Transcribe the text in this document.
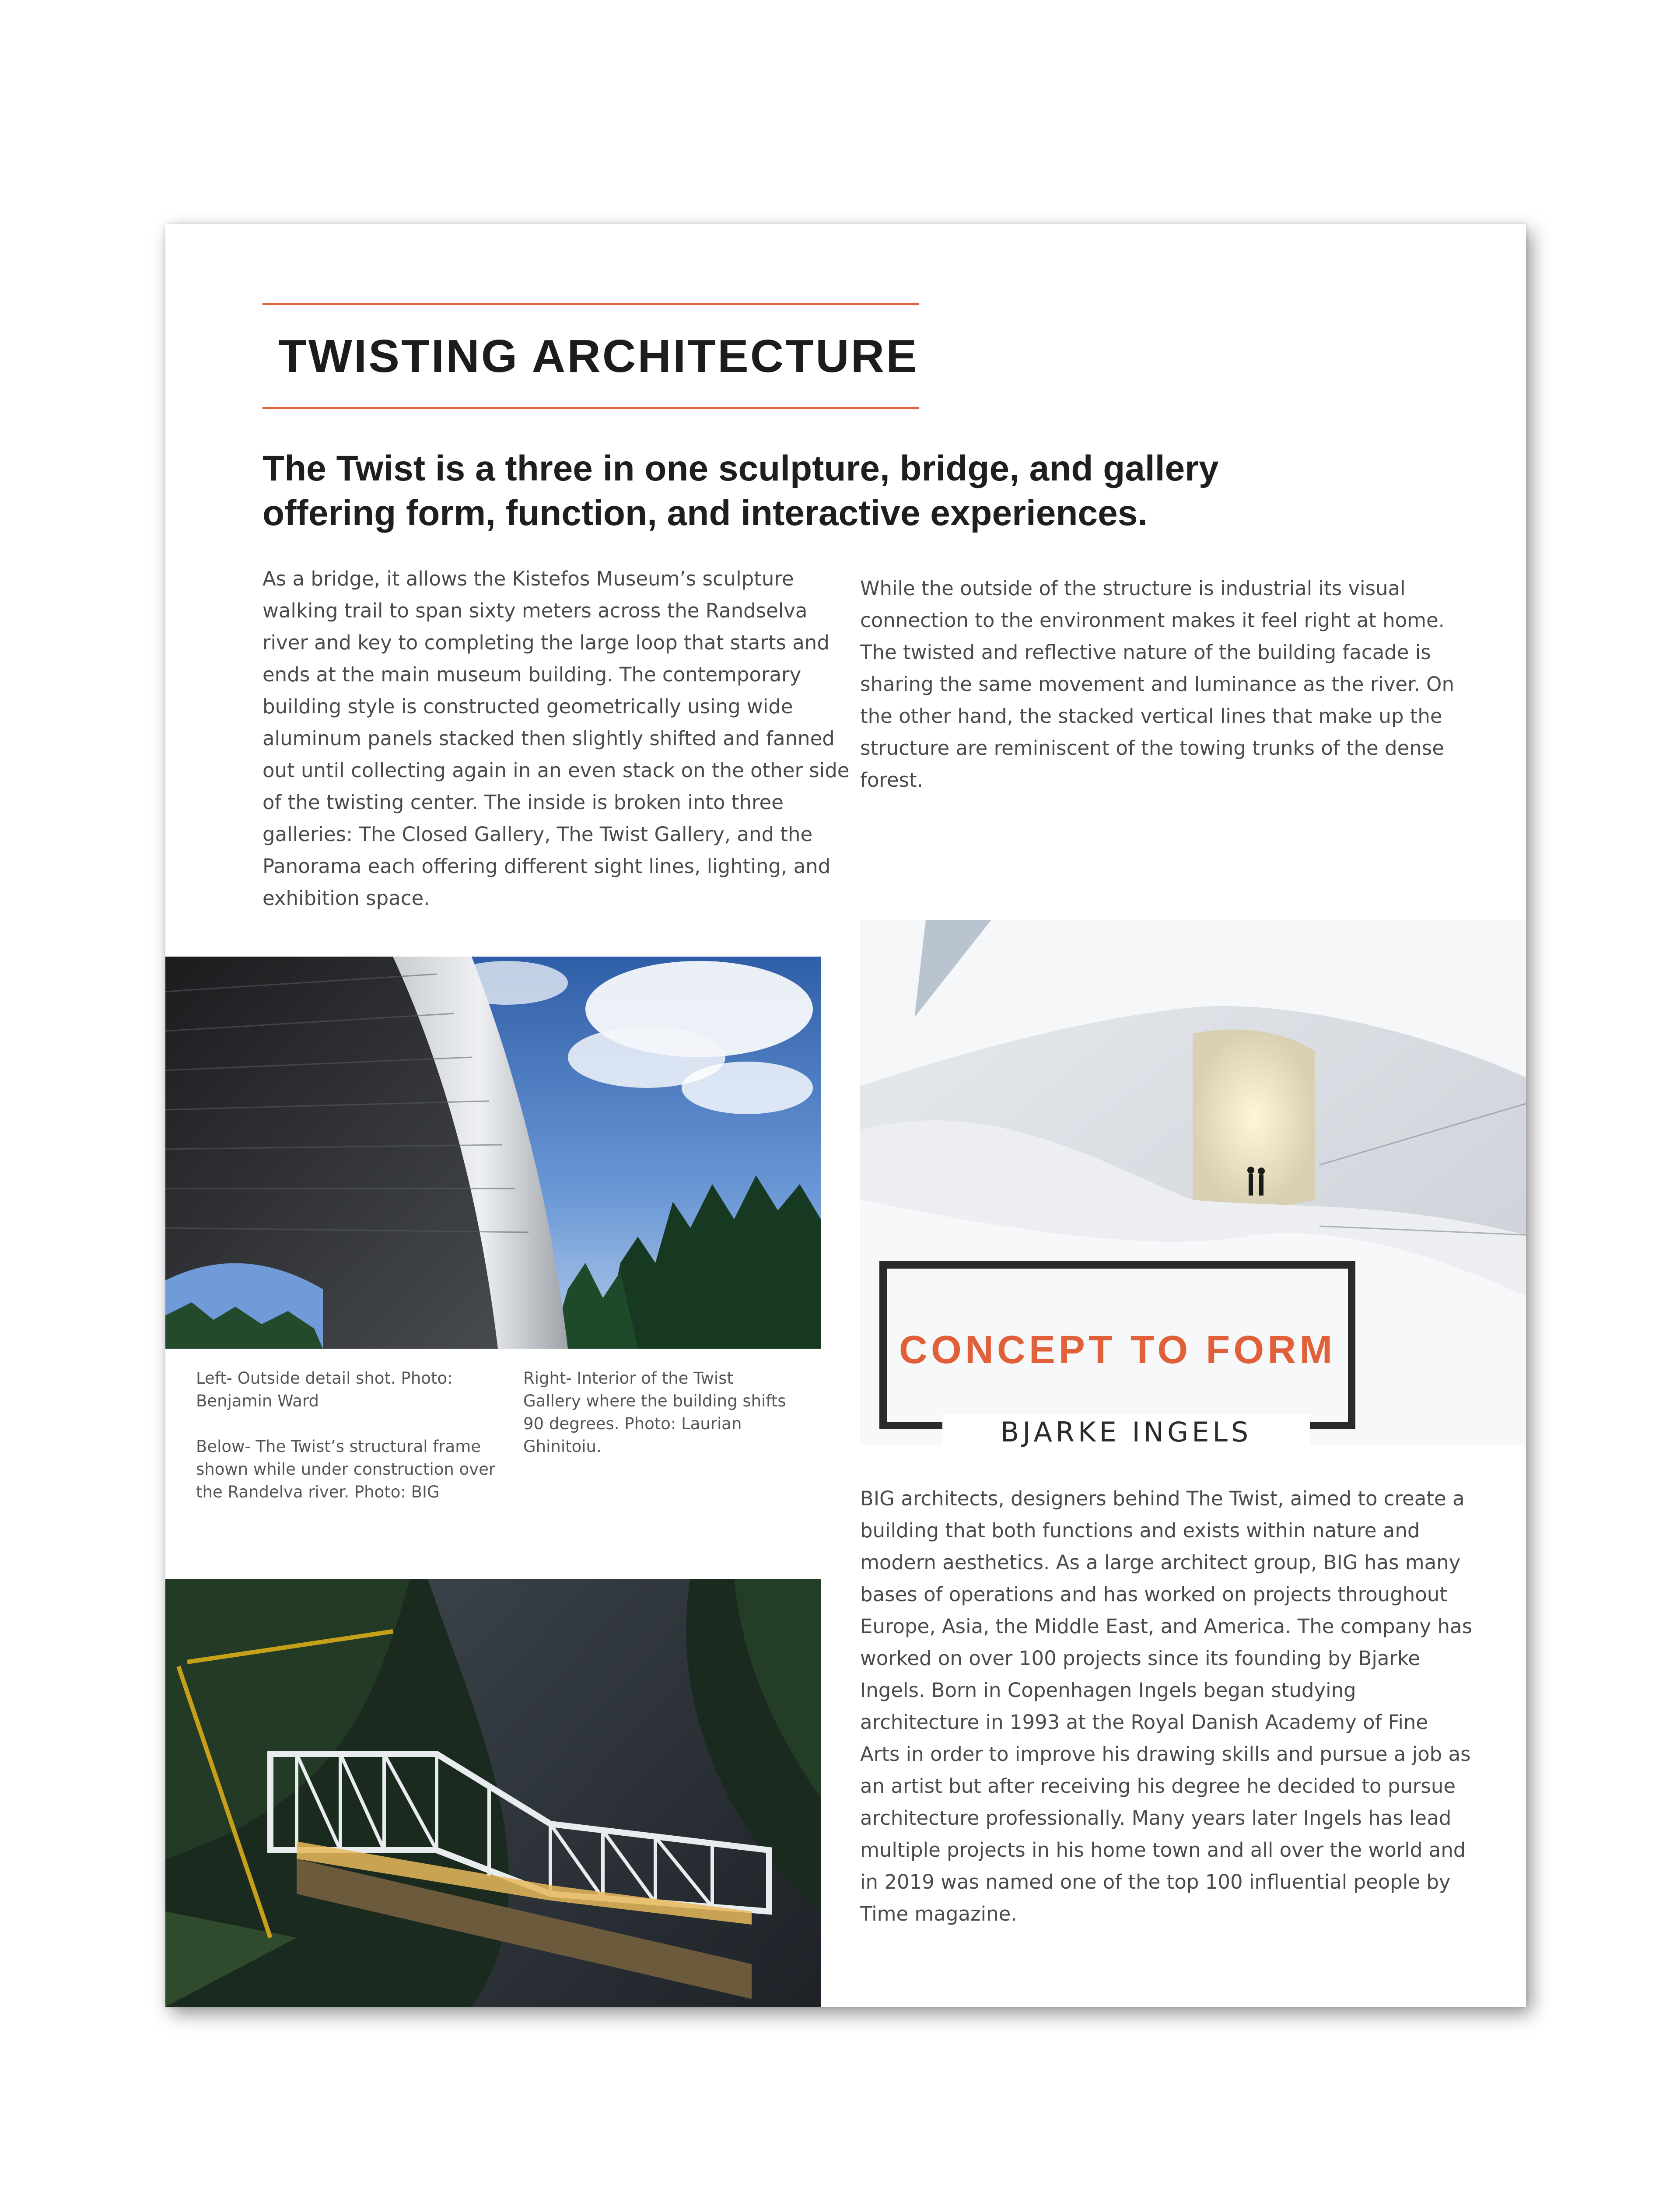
TWISTING ARCHITECTURE
The Twist is a three in one sculpture, bridge, and gallery offering form, function, and interactive experiences.

As a bridge, it allows the Kistefos Museum’s sculpture walking trail to span sixty meters across the Randselva river and key to completing the large loop that starts and ends at the main museum building. The contemporary building style is constructed geometrically using wide aluminum panels stacked then slightly shifted and fanned out until collecting again in an even stack on the other side of the twisting center. The inside is broken into three galleries: The Closed Gallery, The Twist Gallery, and the Panorama each offering different sight lines, lighting, and exhibition space.

While the outside of the structure is industrial its visual connection to the environment makes it feel right at home. The twisted and reflective nature of the building facade is sharing the same movement and luminance as the river. On the other hand, the stacked vertical lines that make up the structure are reminiscent of the towing trunks of the dense forest.

Left- Outside detail shot. Photo: Benjamin Ward

Below- The Twist’s structural frame shown while under construction over the Randelva river. Photo: BIG

Right- Interior of the Twist Gallery where the building shifts 90 degrees. Photo: Laurian Ghinitoiu.

CONCEPT TO FORM

BJARKE INGELS

BIG architects, designers behind The Twist, aimed to create a building that both functions and exists within nature and modern aesthetics. As a large architect group, BIG has many bases of operations and has worked on projects throughout Europe, Asia, the Middle East, and America. The company has worked on over 100 projects since its founding by Bjarke Ingels. Born in Copenhagen Ingels began studying architecture in 1993 at the Royal Danish Academy of Fine Arts in order to improve his drawing skills and pursue a job as an artist but after receiving his degree he decided to pursue architecture professionally. Many years later Ingels has lead multiple projects in his home town and all over the world and in 2019 was named one of the top 100 influential people by Time magazine.
